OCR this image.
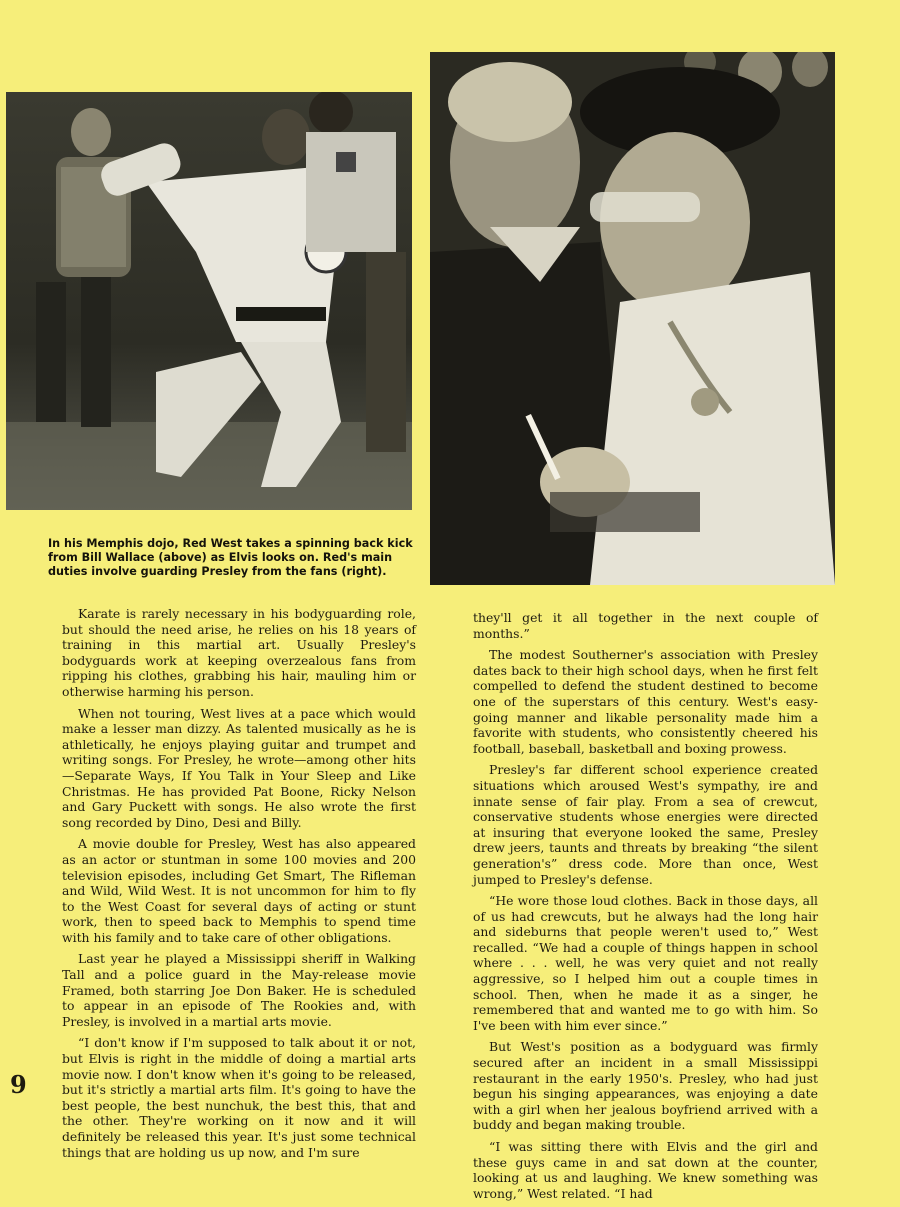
In his Memphis dojo, Red West takes a spinning back kick from Bill Wallace (above) as Elvis looks on. Red's main duties involve guarding Presley from the fans (right).

Karate is rarely necessary in his bodyguarding role, but should the need arise, he relies on his 18 years of training in this martial art. Usually Presley's bodyguards work at keeping overzealous fans from ripping his clothes, grabbing his hair, mauling him or otherwise harming his person.

When not touring, West lives at a pace which would make a lesser man dizzy. As talented musically as he is athletically, he enjoys playing guitar and trumpet and writing songs. For Presley, he wrote—among other hits—Separate Ways, If You Talk in Your Sleep and Like Christmas. He has provided Pat Boone, Ricky Nelson and Gary Puckett with songs. He also wrote the first song recorded by Dino, Desi and Billy.

A movie double for Presley, West has also appeared as an actor or stuntman in some 100 movies and 200 television episodes, including Get Smart, The Rifleman and Wild, Wild West. It is not uncommon for him to fly to the West Coast for several days of acting or stunt work, then to speed back to Memphis to spend time with his family and to take care of other obligations.

Last year he played a Mississippi sheriff in Walking Tall and a police guard in the May-release movie Framed, both starring Joe Don Baker. He is scheduled to appear in an episode of The Rookies and, with Presley, is involved in a martial arts movie.

“I don't know if I'm supposed to talk about it or not, but Elvis is right in the middle of doing a martial arts movie now. I don't know when it's going to be released, but it's strictly a martial arts film. It's going to have the best people, the best nunchuk, the best this, that and the other. They're working on it now and it will definitely be released this year. It's just some technical things that are holding us up now, and I'm sure

they'll get it all together in the next couple of months.”

The modest Southerner's association with Presley dates back to their high school days, when he first felt compelled to defend the student destined to become one of the superstars of this century. West's easy-going manner and likable personality made him a favorite with students, who consistently cheered his football, baseball, basketball and boxing prowess.

Presley's far different school experience created situations which aroused West's sympathy, ire and innate sense of fair play. From a sea of crewcut, conservative students whose energies were directed at insuring that everyone looked the same, Presley drew jeers, taunts and threats by breaking “the silent generation's” dress code. More than once, West jumped to Presley's defense.

“He wore those loud clothes. Back in those days, all of us had crewcuts, but he always had the long hair and sideburns that people weren't used to,” West recalled. “We had a couple of things happen in school where . . . well, he was very quiet and not really aggressive, so I helped him out a couple times in school. Then, when he made it as a singer, he remembered that and wanted me to go with him. So I've been with him ever since.”

But West's position as a bodyguard was firmly secured after an incident in a small Mississippi restaurant in the early 1950's. Presley, who had just begun his singing appearances, was enjoying a date with a girl when her jealous boyfriend arrived with a buddy and began making trouble.

“I was sitting there with Elvis and the girl and these guys came in and sat down at the counter, looking at us and laughing. We knew something was wrong,” West related. “I had

9
